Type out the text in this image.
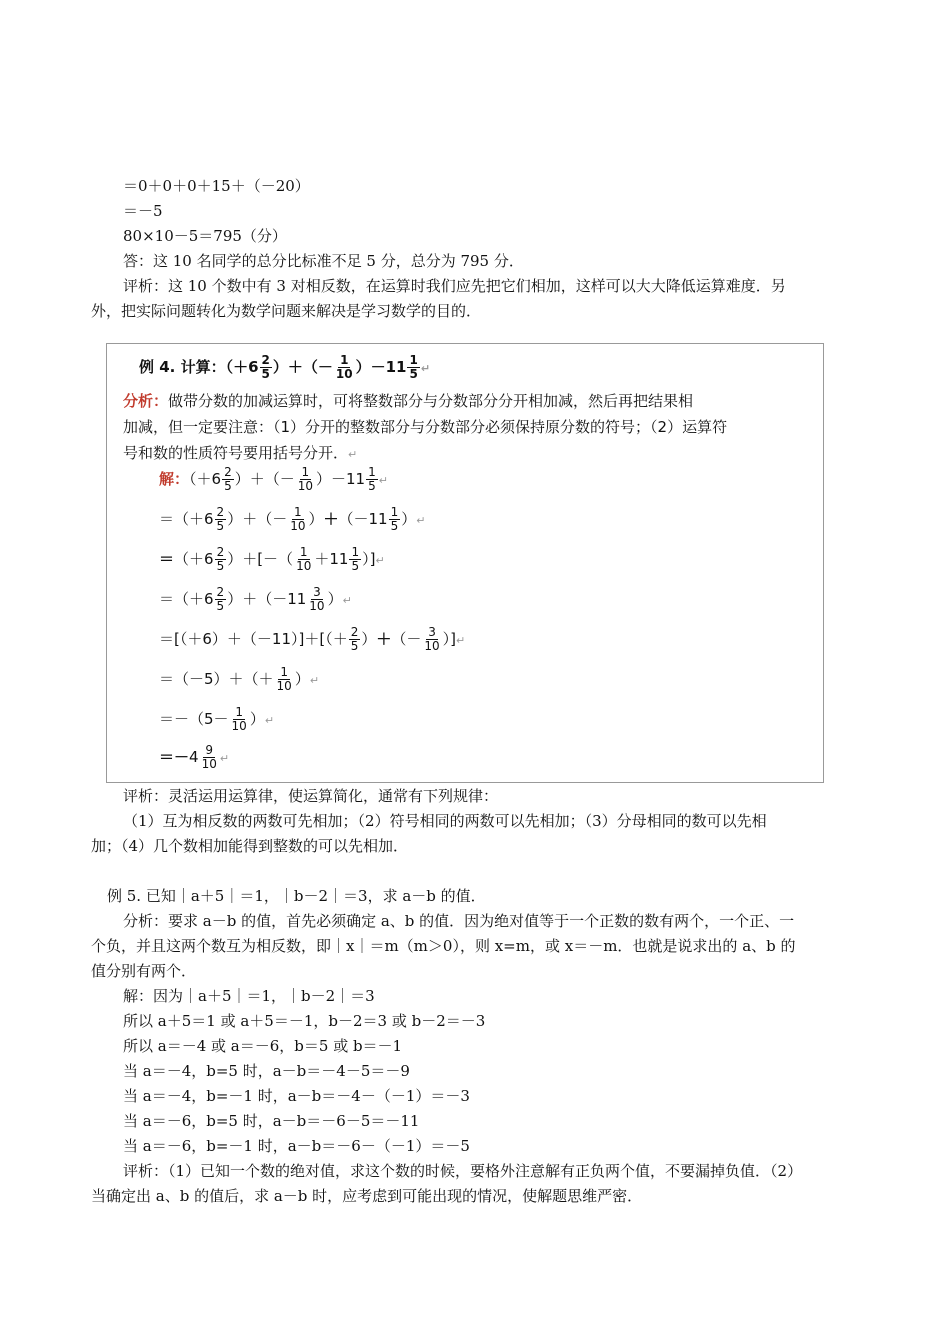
＝0＋0＋0＋15＋（－20）
＝－5
80×10－5＝795（分）
答：这 10 名同学的总分比标准不足 5 分，总分为 795 分．
评析：这 10 个数中有 3 对相反数，在运算时我们应先把它们相加，这样可以大大降低运算难度．另
外，把实际问题转化为数学问题来解决是学习数学的目的．
例 4. 计算：（$+6 \frac{2}{5}$ ）＋（－ $\frac{1}{10} )-11 \frac{1}{5}$ ↵
分析：做带分数的加减运算时，可将整数部分与分数部分分开相加减，然后再把结果相
加减，但一定要注意：（1）分开的整数部分与分数部分必须保持原分数的符号；（2）运算符
号和数的性质符号要用括号分开．↵
解：（$+6 \frac{2}{5}$ ）＋（－ $\frac{1}{10} )-11 \frac{1}{5}$ ↵
$=(+6 \frac{2}{5}$ ）＋（－ $\frac{1}{10} )+(-11 \frac{1}{5}$ ）↵
$=(+6 \frac{2}{5}$ ）＋[－（ $\frac{1}{10} +11 \frac{1}{5}$ ）]↵
$=(+6 \frac{2}{5} )+(-11 \frac{3}{10}$ ）↵
$=[(+6)+(-11)]+[(+ \frac{2}{5}$ ）＋（－ $\frac{3}{10}$ ）]↵
$=(-5)+(+ \frac{1}{10}$ ）↵
$=-(5- \frac{1}{10}$ ）↵
$=-4 \frac{9}{10}$ ↵
评析：灵活运用运算律，使运算简化，通常有下列规律：
（1）互为相反数的两数可先相加；（2）符号相同的两数可以先相加；（3）分母相同的数可以先相
加；（4）几个数相加能得到整数的可以先相加．
例 5. 已知｜a＋5｜＝1，｜b－2｜＝3，求 a－b 的值．
分析：要求 a－b 的值，首先必须确定 a、b 的值．因为绝对值等于一个正数的数有两个，一个正、一
个负，并且这两个数互为相反数，即｜x｜＝m（m＞0），则 x=m，或 x＝－m．也就是说求出的 a、b 的
值分别有两个．
解：因为｜a＋5｜＝1，｜b－2｜＝3
所以 a＋5＝1 或 a＋5＝－1，b－2＝3 或 b－2＝－3
所以 a＝－4 或 a＝－6，b＝5 或 b＝－1
当 a＝－4，b=5 时，a－b＝－4－5＝－9
当 a＝－4，b=－1 时，a－b＝－4－（－1）＝－3
当 a＝－6，b=5 时，a－b＝－6－5＝－11
当 a＝－6，b=－1 时，a－b＝－6－（－1）＝－5
评析：（1）已知一个数的绝对值，求这个数的时候，要格外注意解有正负两个值，不要漏掉负值．（2）
当确定出 a、b 的值后，求 a－b 时，应考虑到可能出现的情况，使解题思维严密．
